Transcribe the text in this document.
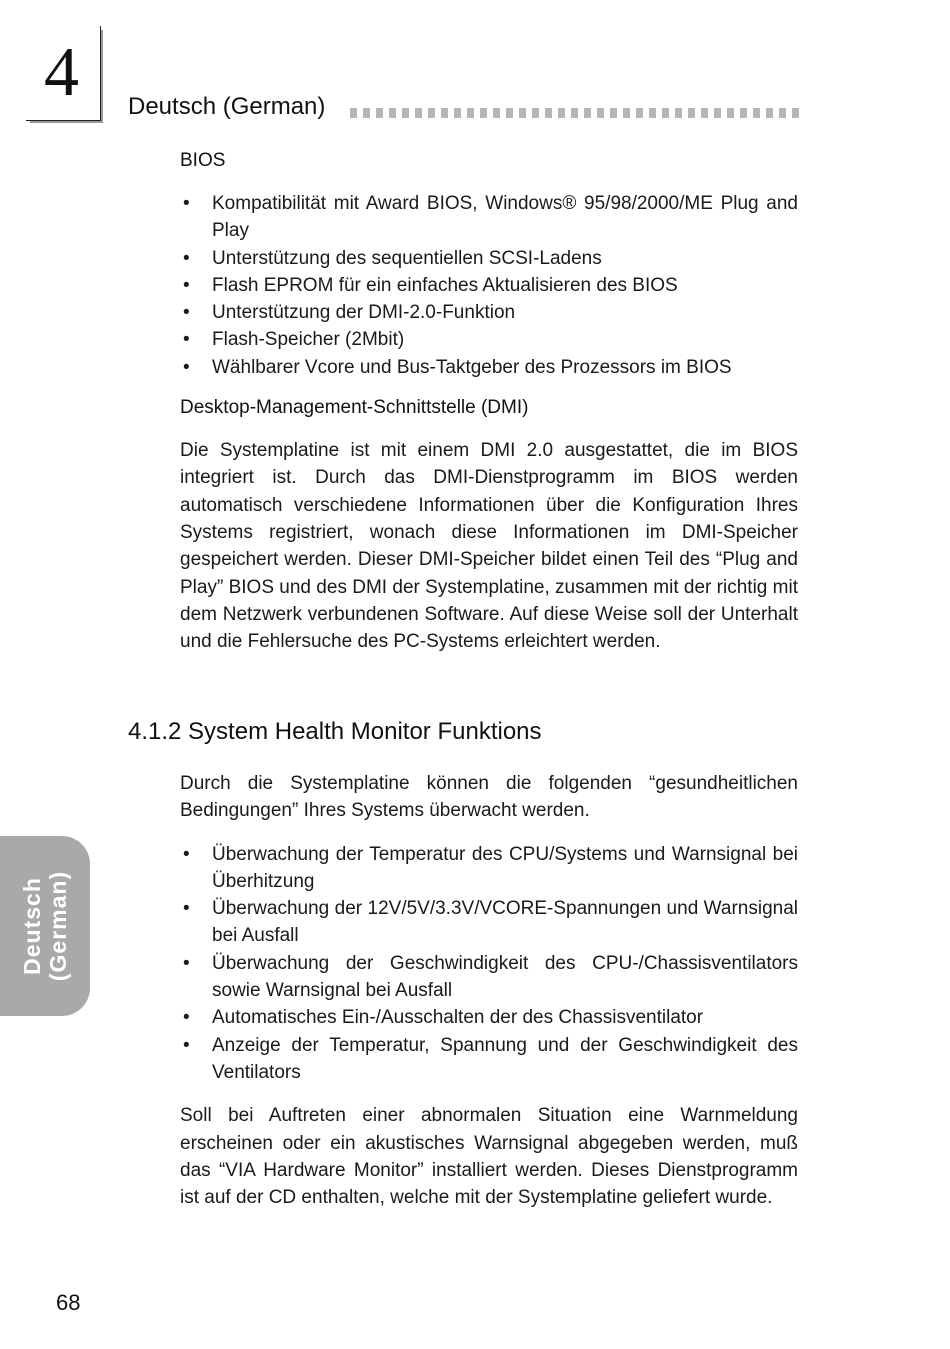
4 Deutsch (German)
Deutsch (German)
BIOS
• Kompatibilität mit Award BIOS, Windows® 95/98/2000/ME Plug and Play
• Unterstützung des sequentiellen SCSI-Ladens
• Flash EPROM für ein einfaches Aktualisieren des BIOS
• Unterstützung der DMI-2.0-Funktion
• Flash-Speicher (2Mbit)
• Wählbarer Vcore und Bus-Taktgeber des Prozessors im BIOS
Desktop-Management-Schnittstelle (DMI)

Die Systemplatine ist mit einem DMI 2.0 ausgestattet, die im BIOS integriert ist. Durch das DMI-Dienstprogramm im BIOS werden automatisch verschiedene Informationen über die Konfiguration Ihres Systems registriert, wonach diese Informationen im DMI-Speicher gespeichert werden. Dieser DMI-Speicher bildet einen Teil des “Plug and Play” BIOS und des DMI der Systemplatine, zusammen mit der richtig mit dem Netzwerk verbundenen Software. Auf diese Weise soll der Unterhalt und die Fehlersuche des PC-Systems erleichtert werden.

4.1.2 System Health Monitor Funktions

Durch die Systemplatine können die folgenden “gesundheitlichen Bedingungen” Ihres Systems überwacht werden.

• Überwachung der Temperatur des CPU/Systems und Warnsignal bei Überhitzung
• Überwachung der 12V/5V/3.3V/VCORE-Spannungen und Warnsignal bei Ausfall
• Überwachung der Geschwindigkeit des CPU-/Chassisventilators sowie Warnsignal bei Ausfall
• Automatisches Ein-/Ausschalten der des Chassisventilator
• Anzeige der Temperatur, Spannung und der Geschwindigkeit des Ventilators

Soll bei Auftreten einer abnormalen Situation eine Warnmeldung erscheinen oder ein akustisches Warnsignal abgegeben werden, muß das “VIA Hardware Monitor” installiert werden. Dieses Dienstprogramm ist auf der CD enthalten, welche mit der Systemplatine geliefert wurde.

68
